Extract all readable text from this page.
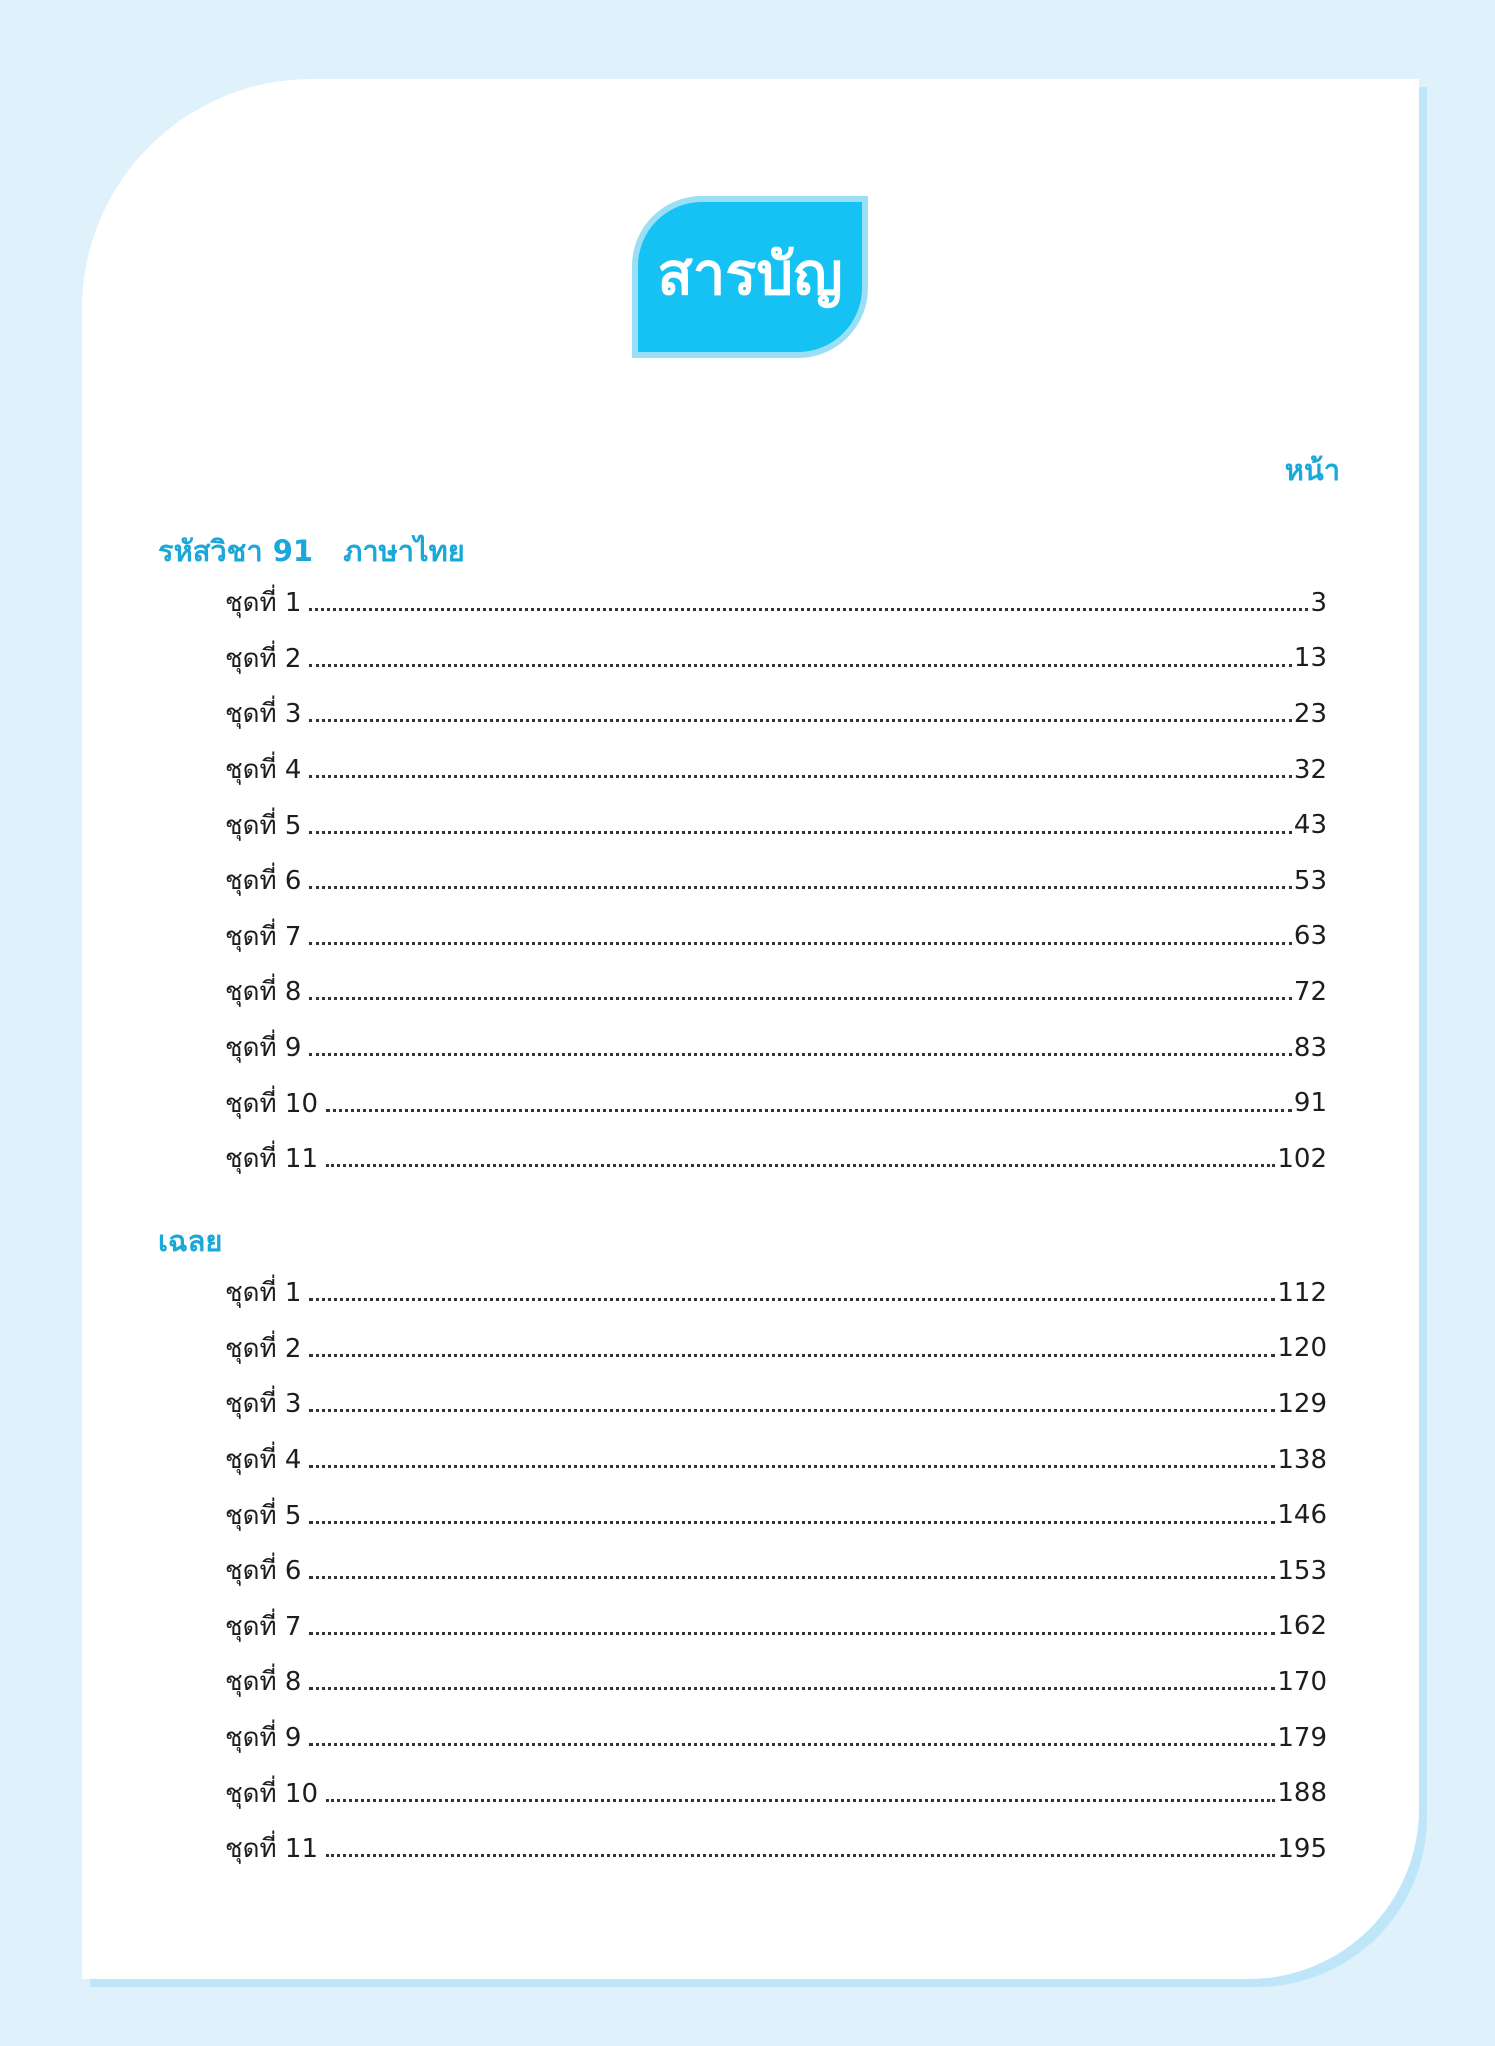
สารบัญ
หน้า
รหัสวิชา 91 ภาษาไทย
ชุดที่ 1	3
ชุดที่ 2	13
ชุดที่ 3	23
ชุดที่ 4	32
ชุดที่ 5	43
ชุดที่ 6	53
ชุดที่ 7	63
ชุดที่ 8	72
ชุดที่ 9	83
ชุดที่ 10	91
ชุดที่ 11	102
เฉลย
ชุดที่ 1	112
ชุดที่ 2	120
ชุดที่ 3	129
ชุดที่ 4	138
ชุดที่ 5	146
ชุดที่ 6	153
ชุดที่ 7	162
ชุดที่ 8	170
ชุดที่ 9	179
ชุดที่ 10	188
ชุดที่ 11	195
